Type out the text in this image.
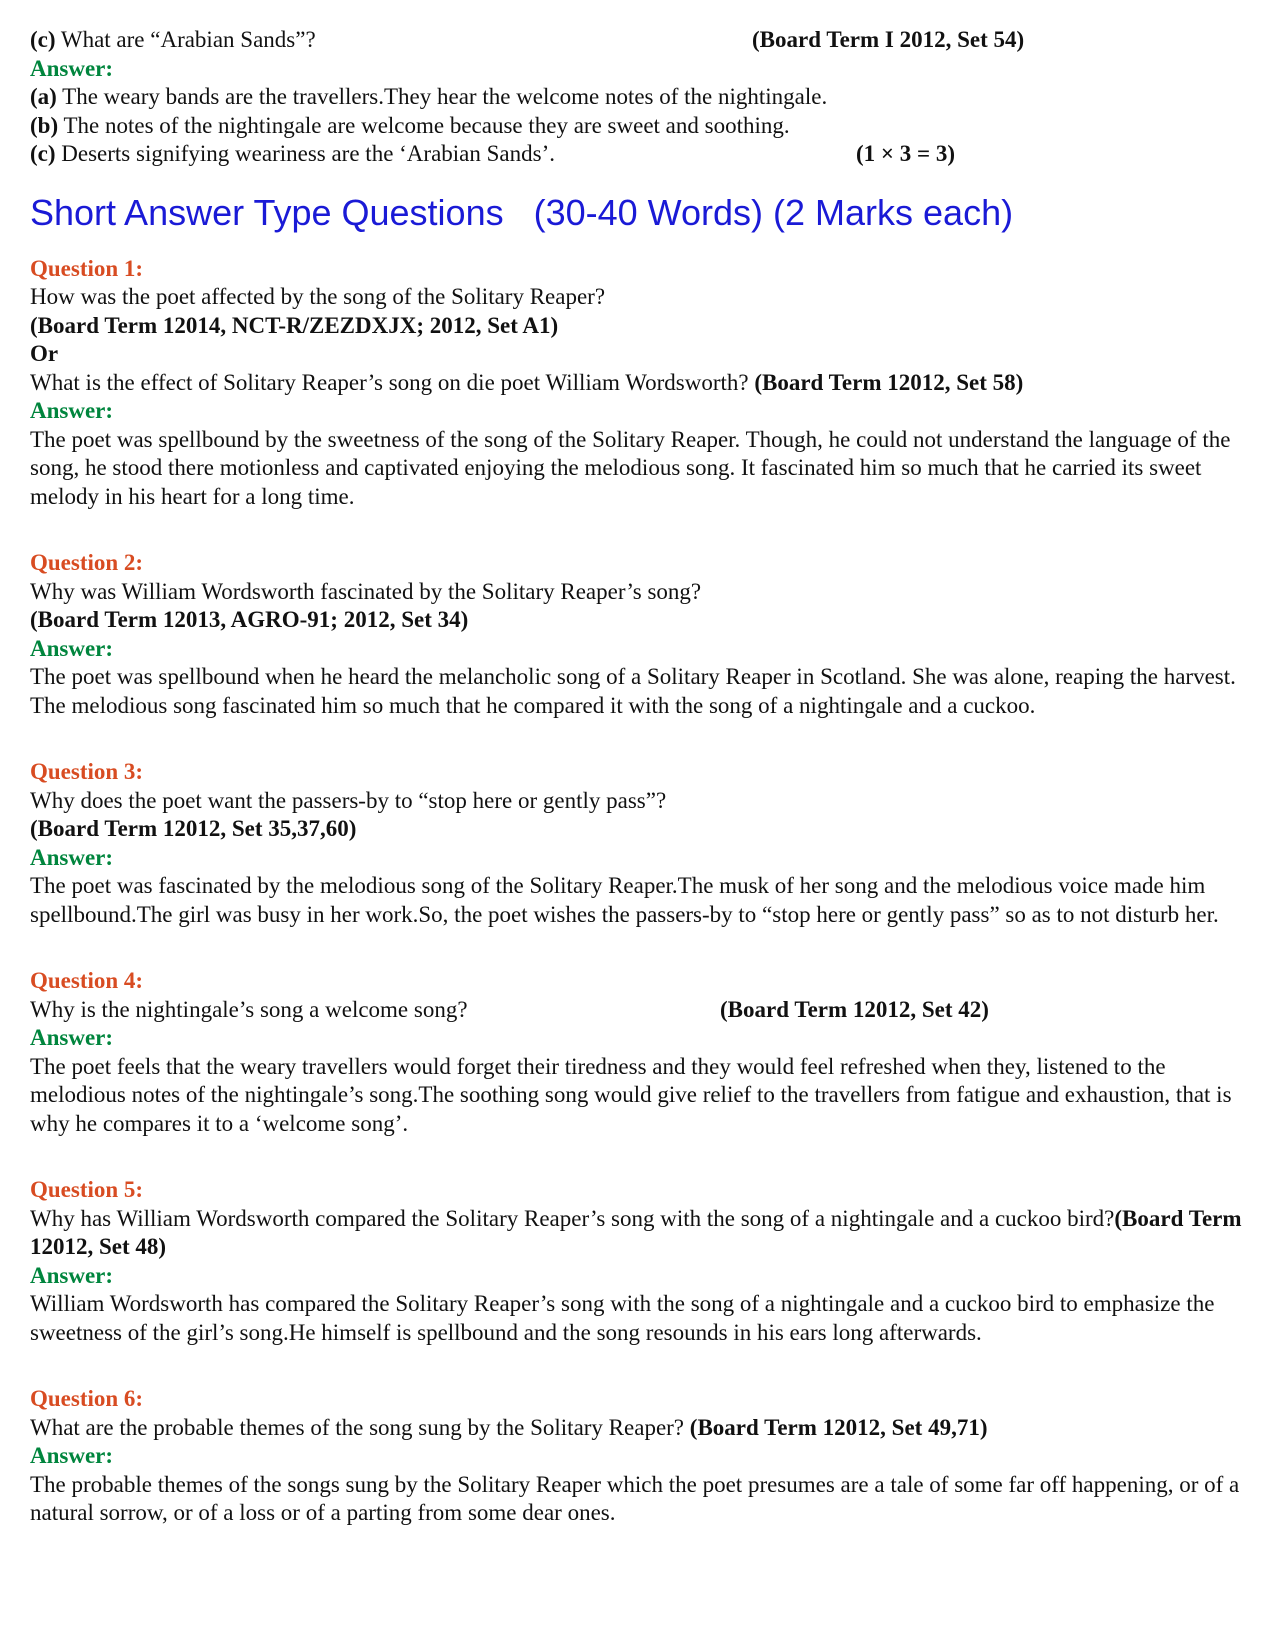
(c) What are “Arabian Sands”?	(Board Term I 2012, Set 54)
Answer:
(a) The weary bands are the travellers.They hear the welcome notes of the nightingale.
(b) The notes of the nightingale are welcome because they are sweet and soothing.
(c) Deserts signifying weariness are the ‘Arabian Sands’.	(1 × 3 = 3)
Short Answer Type Questions   (30-40 Words) (2 Marks each)
Question 1:
How was the poet affected by the song of the Solitary Reaper?
(Board Term 12014, NCT-R/ZEZDXJX; 2012, Set A1)
Or
What is the effect of Solitary Reaper’s song on die poet William Wordsworth? (Board Term 12012, Set 58)
Answer:
The poet was spellbound by the sweetness of the song of the Solitary Reaper. Though, he could not understand the language of the song, he stood there motionless and captivated enjoying the melodious song. It fascinated him so much that he carried its sweet melody in his heart for a long time.
Question 2:
Why was William Wordsworth fascinated by the Solitary Reaper’s song?
(Board Term 12013, AGRO-91; 2012, Set 34)
Answer:
The poet was spellbound when he heard the melancholic song of a Solitary Reaper in Scotland. She was alone, reaping the harvest. The melodious song fascinated him so much that he compared it with the song of a nightingale and a cuckoo.
Question 3:
Why does the poet want the passers-by to “stop here or gently pass”?
(Board Term 12012, Set 35,37,60)
Answer:
The poet was fascinated by the melodious song of the Solitary Reaper.The musk of her song and the melodious voice made him spellbound.The girl was busy in her work.So, the poet wishes the passers-by to “stop here or gently pass” so as to not disturb her.
Question 4:
Why is the nightingale’s song a welcome song?	(Board Term 12012, Set 42)
Answer:
The poet feels that the weary travellers would forget their tiredness and they would feel refreshed when they, listened to the melodious notes of the nightingale’s song.The soothing song would give relief to the travellers from fatigue and exhaustion, that is why he compares it to a ‘welcome song’.
Question 5:
Why has William Wordsworth compared the Solitary Reaper’s song with the song of a nightingale and a cuckoo bird?(Board Term 12012, Set 48)
Answer:
William Wordsworth has compared the Solitary Reaper’s song with the song of a nightingale and a cuckoo bird to emphasize the sweetness of the girl’s song.He himself is spellbound and the song resounds in his ears long afterwards.
Question 6:
What are the probable themes of the song sung by the Solitary Reaper? (Board Term 12012, Set 49,71)
Answer:
The probable themes of the songs sung by the Solitary Reaper which the poet presumes are a tale of some far off happening, or of a natural sorrow, or of a loss or of a parting from some dear ones.
